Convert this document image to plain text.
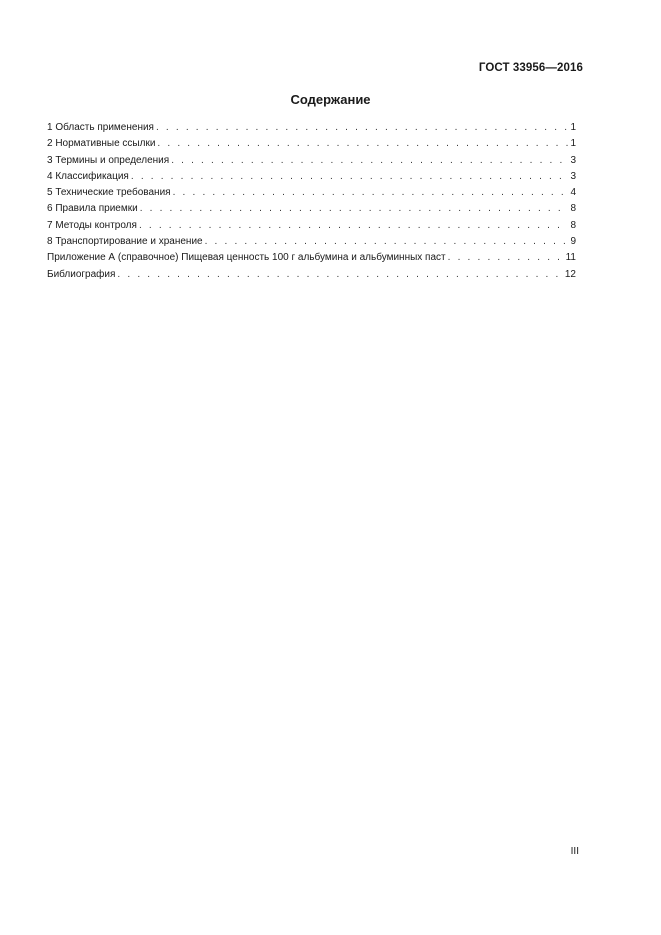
ГОСТ 33956—2016
Содержание
1 Область применения . . .	1
2 Нормативные ссылки . . .	1
3 Термины и определения . . .	3
4 Классификация . . .	3
5 Технические требования . . .	4
6 Правила приемки . . .	8
7 Методы контроля . . .	8
8 Транспортирование и хранение . . .	9
Приложение А (справочное) Пищевая ценность 100 г альбумина и альбуминных паст . . .	11
Библиография . . .	12
III
